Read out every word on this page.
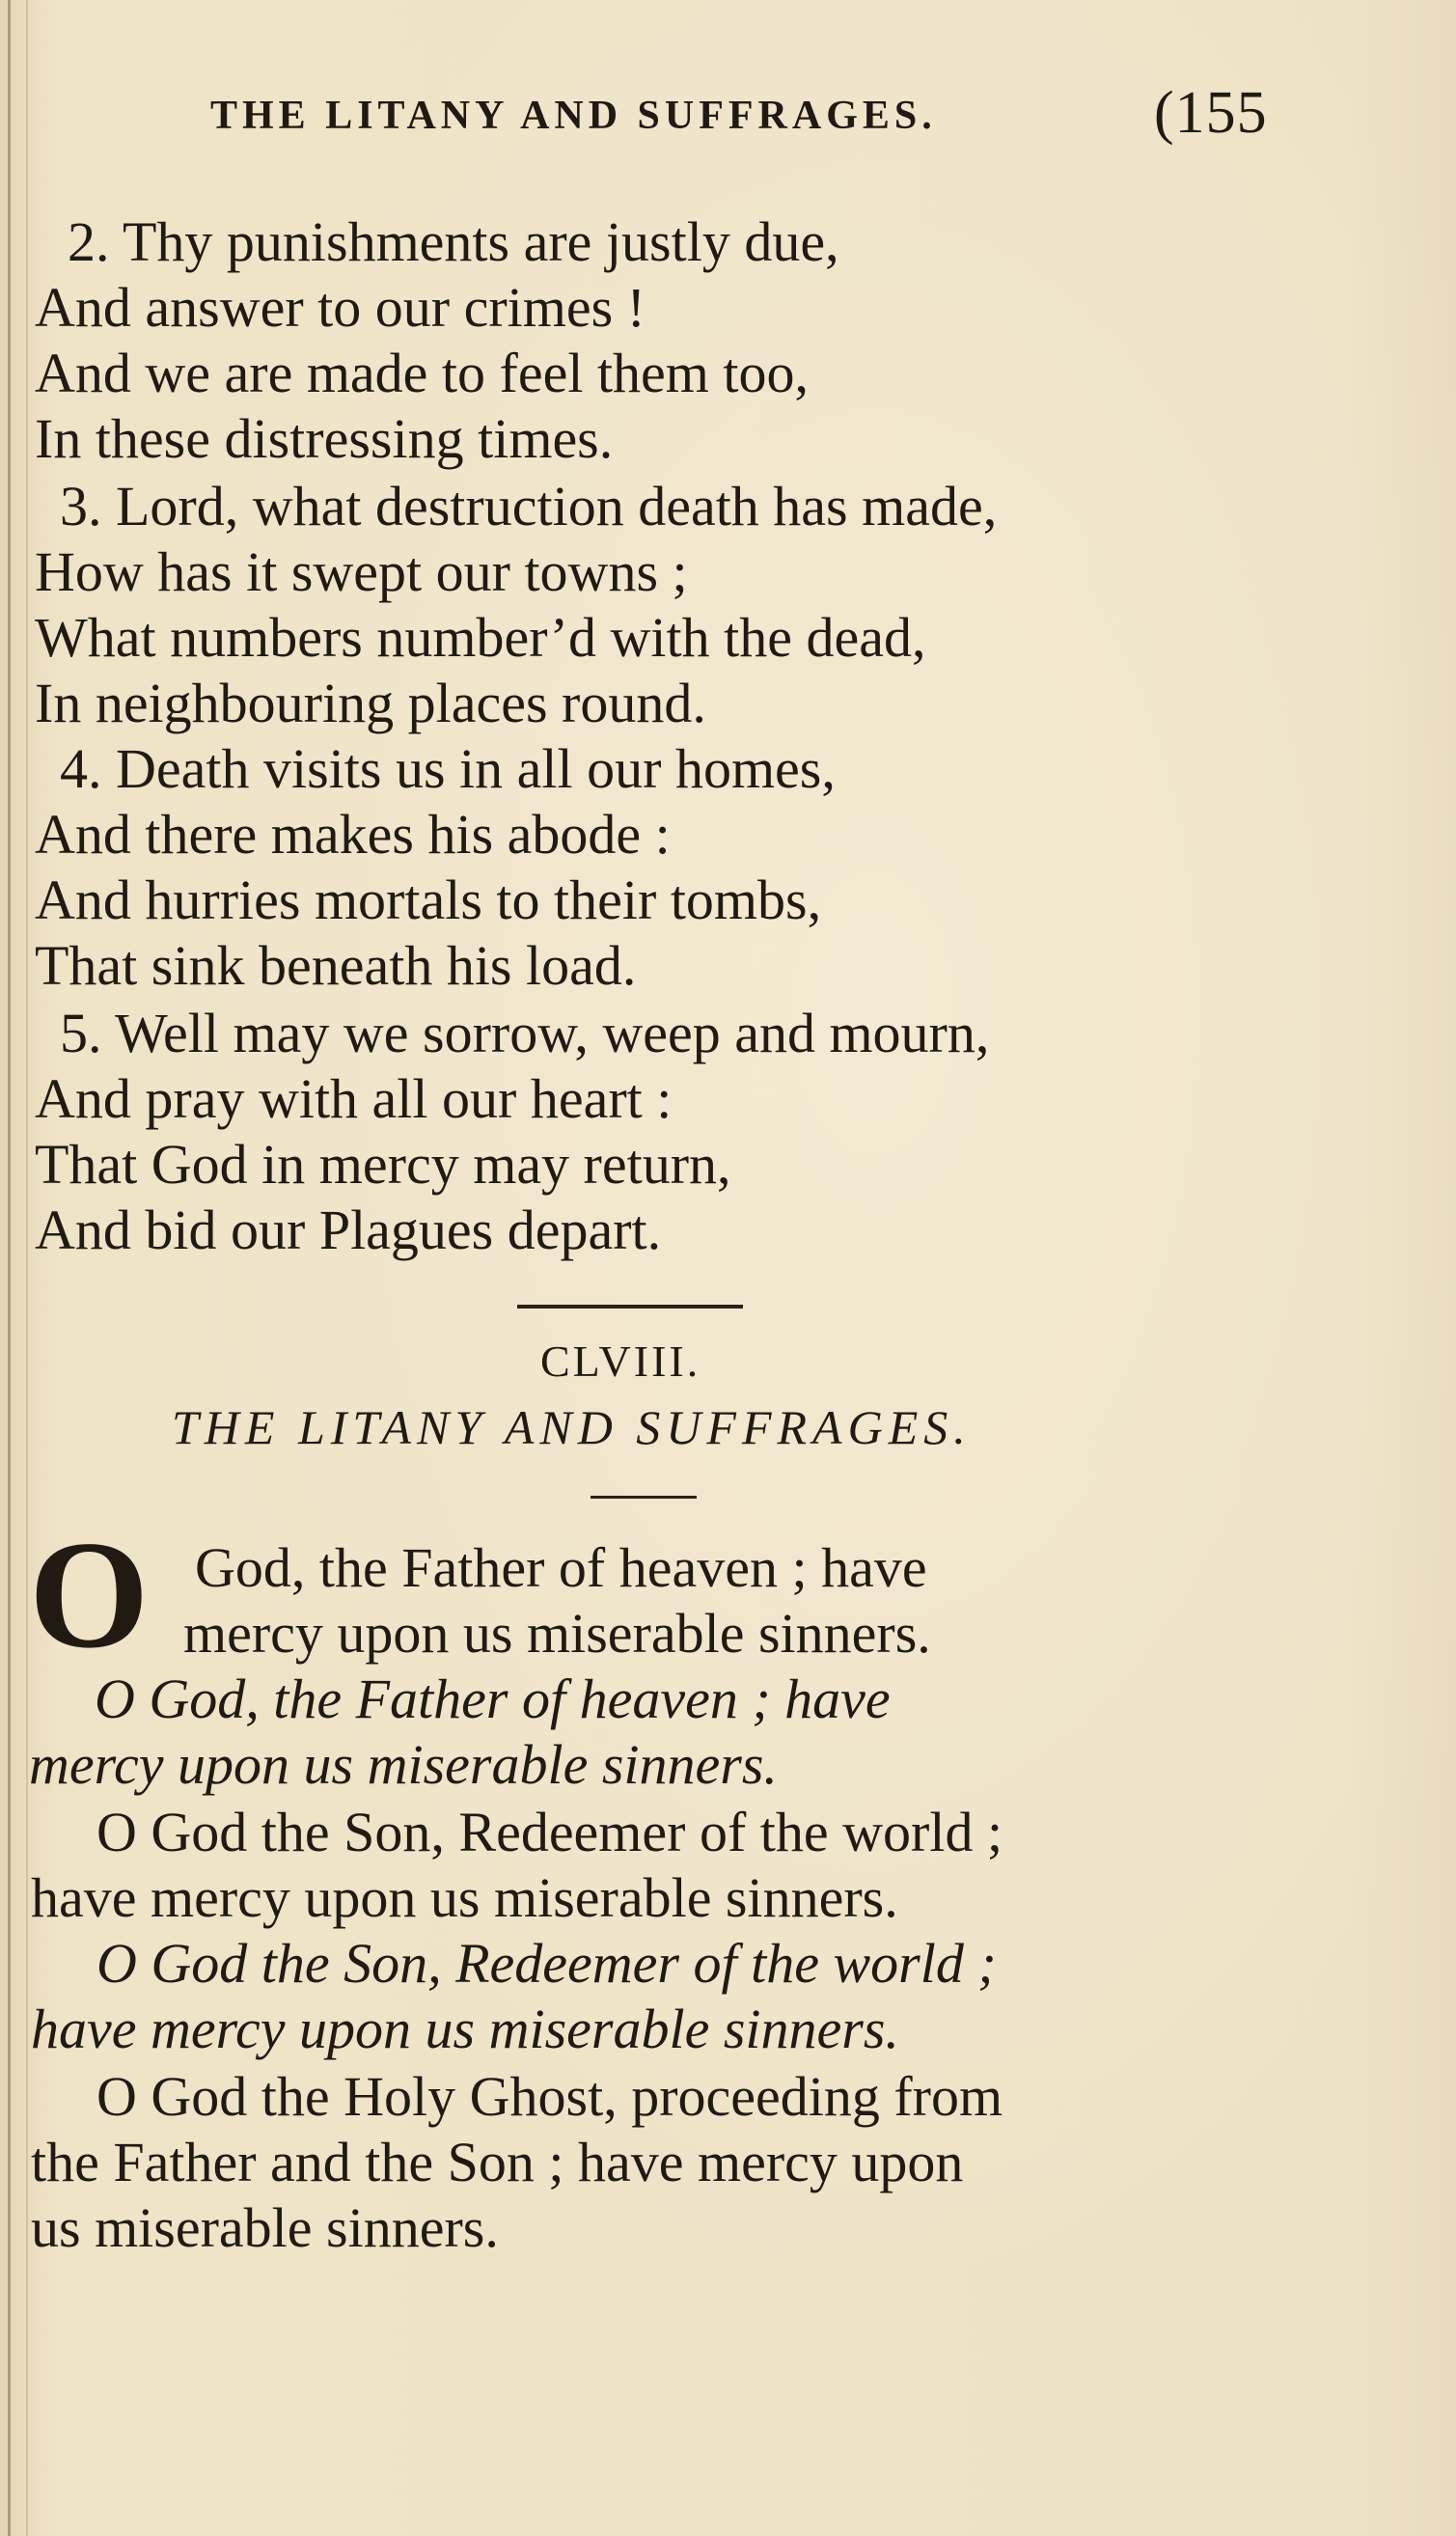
THE LITANY AND SUFFRAGES.	(155
2. Thy punishments are justly due,
And answer to our crimes !
And we are made to feel them too,
In these distressing times.
3. Lord, what destruction death has made,
How has it swept our towns ;
What numbers number’d with the dead,
In neighbouring places round.
4. Death visits us in all our homes,
And there makes his abode :
And hurries mortals to their tombs,
That sink beneath his load.
5. Well may we sorrow, weep and mourn,
And pray with all our heart :
That God in mercy may return,
And bid our Plagues depart.
CLVIII.
THE LITANY AND SUFFRAGES.
O God, the Father of heaven ; have
mercy upon us miserable sinners.
O God, the Father of heaven ; have
mercy upon us miserable sinners.
O God the Son, Redeemer of the world ;
have mercy upon us miserable sinners.
O God the Son, Redeemer of the world ;
have mercy upon us miserable sinners.
O God the Holy Ghost, proceeding from
the Father and the Son ; have mercy upon
us miserable sinners.
